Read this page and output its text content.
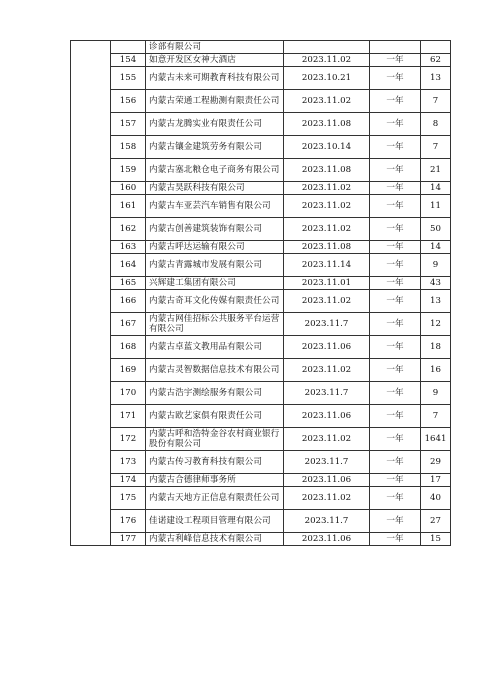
		诊部有限公司			
	154	如意开发区女神大酒店	2023.11.02	一年	62
	155	内蒙古未来可期教育科技有限公司	2023.10.21	一年	13
	156	内蒙古荣通工程勘测有限责任公司	2023.11.02	一年	7
	157	内蒙古龙腾实业有限责任公司	2023.11.08	一年	8
	158	内蒙古镶金建筑劳务有限公司	2023.10.14	一年	7
	159	内蒙古塞北粮仓电子商务有限公司	2023.11.08	一年	21
	160	内蒙古昊跃科技有限公司	2023.11.02	一年	14
	161	内蒙古车亚芸汽车销售有限公司	2023.11.02	一年	11
	162	内蒙古创善建筑装饰有限公司	2023.11.02	一年	50
	163	内蒙古呼达运输有限公司	2023.11.08	一年	14
	164	内蒙古青露城市发展有限公司	2023.11.14	一年	9
	165	兴辉建工集团有限公司	2023.11.01	一年	43
	166	内蒙古奇耳文化传媒有限责任公司	2023.11.02	一年	13
	167	内蒙古网佳招标公共服务平台运营有限公司	2023.11.7	一年	12
	168	内蒙古卓蓝文教用品有限公司	2023.11.06	一年	18
	169	内蒙古灵智数据信息技术有限公司	2023.11.02	一年	16
	170	内蒙古浩宇测绘服务有限公司	2023.11.7	一年	9
	171	内蒙古欧艺家俱有限责任公司	2023.11.06	一年	7
	172	内蒙古呼和浩特金谷农村商业银行股份有限公司	2023.11.02	一年	1641
	173	内蒙古传习教育科技有限公司	2023.11.7	一年	29
	174	内蒙古合德律师事务所	2023.11.06	一年	17
	175	内蒙古天地方正信息有限责任公司	2023.11.02	一年	40
	176	佳诺建设工程项目管理有限公司	2023.11.7	一年	27
	177	内蒙古利峰信息技术有限公司	2023.11.06	一年	15
